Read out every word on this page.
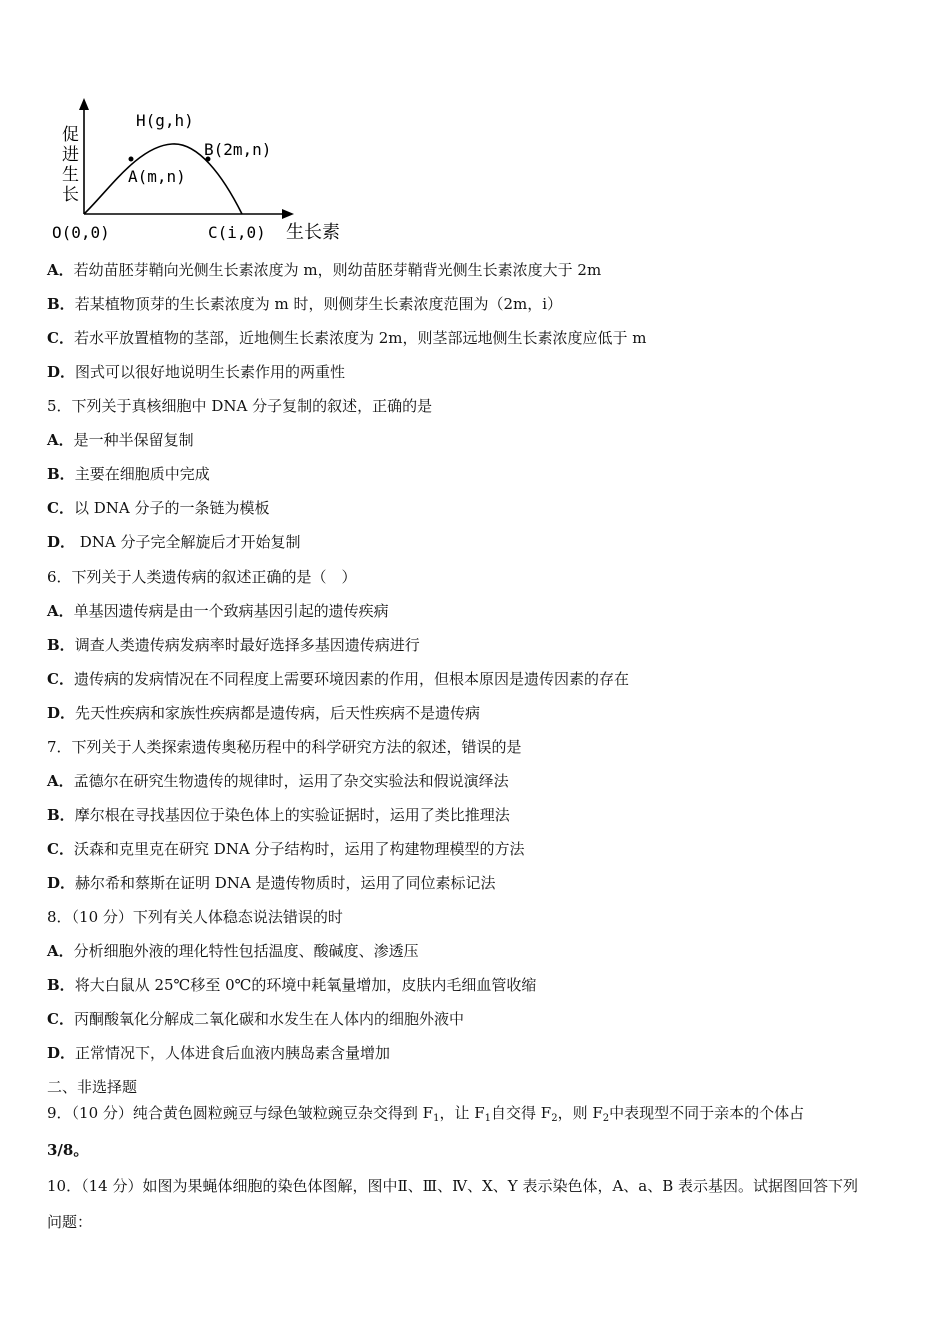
促
进
生
长
H(g,h)
B(2m,n)
A(m,n)
O(0,0)	C(i,0) 生长素
A．若幼苗胚芽鞘向光侧生长素浓度为 m，则幼苗胚芽鞘背光侧生长素浓度大于 2m
B．若某植物顶芽的生长素浓度为 m 时，则侧芽生长素浓度范围为（2m，i）
C．若水平放置植物的茎部，近地侧生长素浓度为 2m，则茎部远地侧生长素浓度应低于 m
D．图式可以很好地说明生长素作用的两重性
5．下列关于真核细胞中 DNA 分子复制的叙述，正确的是
A．是一种半保留复制
B．主要在细胞质中完成
C．以 DNA 分子的一条链为模板
D． DNA 分子完全解旋后才开始复制
6．下列关于人类遗传病的叙述正确的是（　）
A．单基因遗传病是由一个致病基因引起的遗传疾病
B．调查人类遗传病发病率时最好选择多基因遗传病进行
C．遗传病的发病情况在不同程度上需要环境因素的作用，但根本原因是遗传因素的存在
D．先天性疾病和家族性疾病都是遗传病，后天性疾病不是遗传病
7．下列关于人类探索遗传奥秘历程中的科学研究方法的叙述，错误的是
A．孟德尔在研究生物遗传的规律时，运用了杂交实验法和假说演绎法
B．摩尔根在寻找基因位于染色体上的实验证据时，运用了类比推理法
C．沃森和克里克在研究 DNA 分子结构时，运用了构建物理模型的方法
D．赫尔希和蔡斯在证明 DNA 是遗传物质时，运用了同位素标记法
8．（10 分）下列有关人体稳态说法错误的时
A．分析细胞外液的理化特性包括温度、酸碱度、渗透压
B．将大白鼠从 25℃移至 0℃的环境中耗氧量增加，皮肤内毛细血管收缩
C．丙酮酸氧化分解成二氧化碳和水发生在人体内的细胞外液中
D．正常情况下，人体进食后血液内胰岛素含量增加
二、非选择题
9．（10 分）纯合黄色圆粒豌豆与绿色皱粒豌豆杂交得到 $F_1$，让 $F_1$自交得 $F_2$，则 $F_2$中表现型不同于亲本的个体占
3/8。
10．（14 分）如图为果蝇体细胞的染色体图解，图中Ⅱ、Ⅲ、Ⅳ、X、Y 表示染色体，A、a、B 表示基因。试据图回答下列
问题：
